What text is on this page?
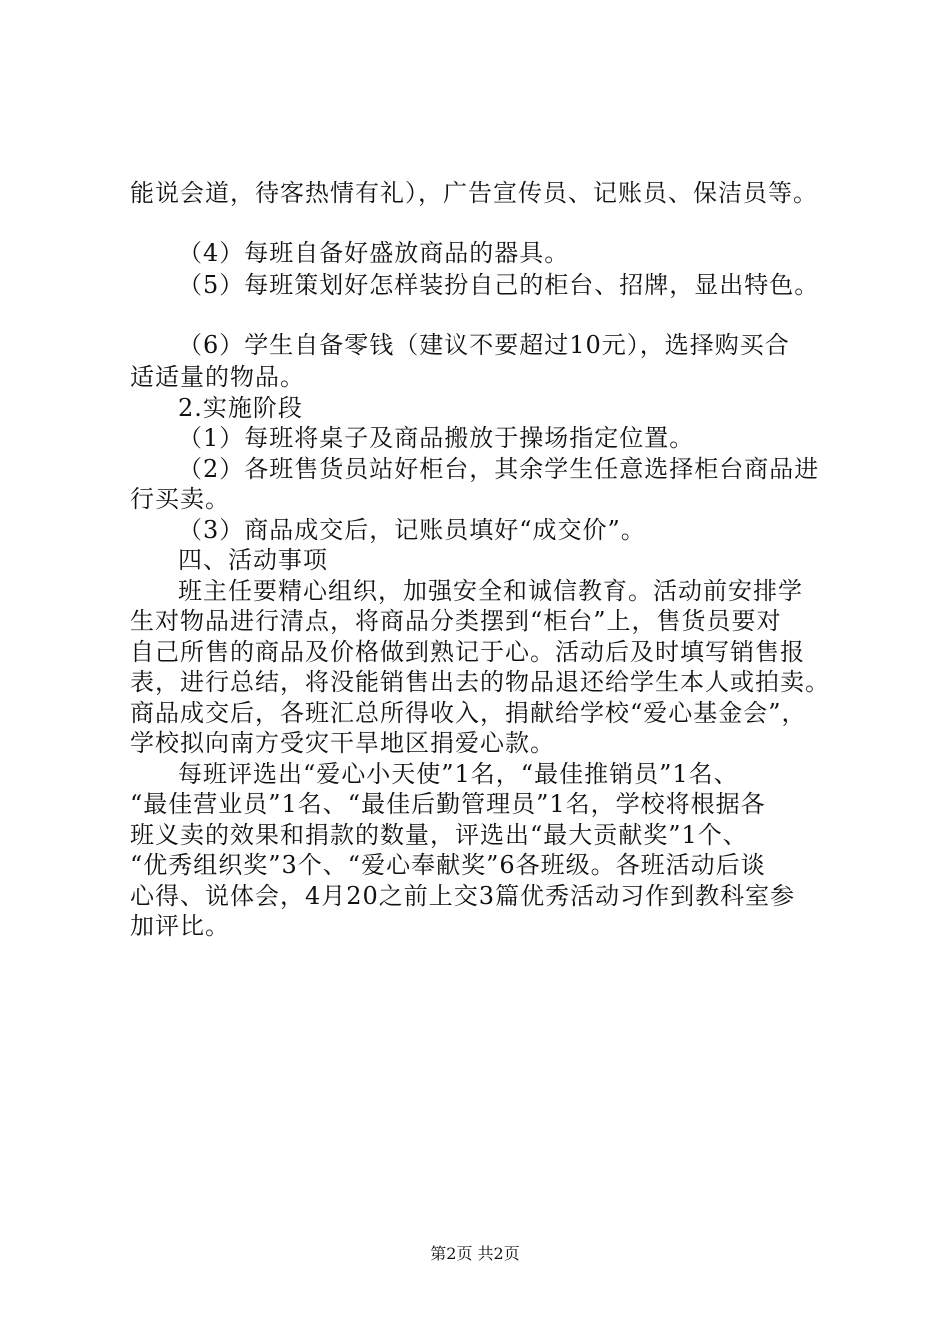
能说会道，待客热情有礼），广告宣传员、记账员、保洁员等。
（4）每班自备好盛放商品的器具。
（5）每班策划好怎样装扮自己的柜台、招牌，显出特色。
（6）学生自备零钱（建议不要超过10元），选择购买合
适适量的物品。
2.实施阶段
（1）每班将桌子及商品搬放于操场指定位置。
（2）各班售货员站好柜台，其余学生任意选择柜台商品进
行买卖。
（3）商品成交后，记账员填好“成交价”。
四、活动事项
班主任要精心组织，加强安全和诚信教育。活动前安排学
生对物品进行清点，将商品分类摆到“柜台”上，售货员要对
自己所售的商品及价格做到熟记于心。活动后及时填写销售报
表，进行总结，将没能销售出去的物品退还给学生本人或拍卖。
商品成交后，各班汇总所得收入，捐献给学校“爱心基金会”，
学校拟向南方受灾干旱地区捐爱心款。
每班评选出“爱心小天使”1名，“最佳推销员”1名、
“最佳营业员”1名、“最佳后勤管理员”1名，学校将根据各
班义卖的效果和捐款的数量，评选出“最大贡献奖”1个、
“优秀组织奖”3个、“爱心奉献奖”6各班级。各班活动后谈
心得、说体会，4月20之前上交3篇优秀活动习作到教科室参
加评比。
第2页 共2页
